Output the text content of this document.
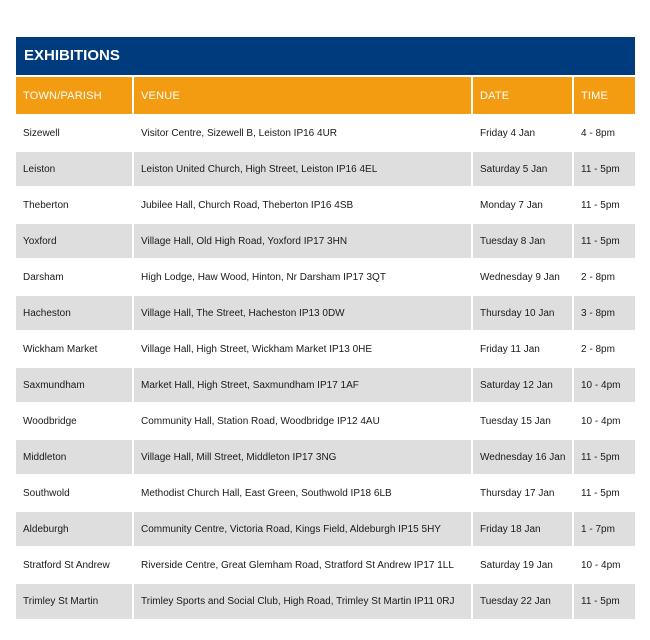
EXHIBITIONS
TOWN/PARISH	VENUE	DATE	TIME
Sizewell	Visitor Centre, Sizewell B, Leiston IP16 4UR	Friday 4 Jan	4 - 8pm
Leiston	Leiston United Church, High Street, Leiston IP16 4EL	Saturday 5 Jan	11 - 5pm
Theberton	Jubilee Hall, Church Road, Theberton IP16 4SB	Monday 7 Jan	11 - 5pm
Yoxford	Village Hall, Old High Road, Yoxford IP17 3HN	Tuesday 8 Jan	11 - 5pm
Darsham	High Lodge, Haw Wood, Hinton, Nr Darsham IP17 3QT	Wednesday 9 Jan	2 - 8pm
Hacheston	Village Hall, The Street, Hacheston IP13 0DW	Thursday 10 Jan	3 - 8pm
Wickham Market	Village Hall, High Street, Wickham Market IP13 0HE	Friday 11 Jan	2 - 8pm
Saxmundham	Market Hall, High Street, Saxmundham IP17 1AF	Saturday 12 Jan	10 - 4pm
Woodbridge	Community Hall, Station Road, Woodbridge IP12 4AU	Tuesday 15 Jan	10 - 4pm
Middleton	Village Hall, Mill Street, Middleton IP17 3NG	Wednesday 16 Jan	11 - 5pm
Southwold	Methodist Church Hall, East Green, Southwold IP18 6LB	Thursday 17 Jan	11 - 5pm
Aldeburgh	Community Centre, Victoria Road, Kings Field, Aldeburgh IP15 5HY	Friday 18 Jan	1 - 7pm
Stratford St Andrew	Riverside Centre, Great Glemham Road, Stratford St Andrew IP17 1LL	Saturday 19 Jan	10 - 4pm
Trimley St Martin	Trimley Sports and Social Club, High Road, Trimley St Martin IP11 0RJ	Tuesday 22 Jan	11 - 5pm
